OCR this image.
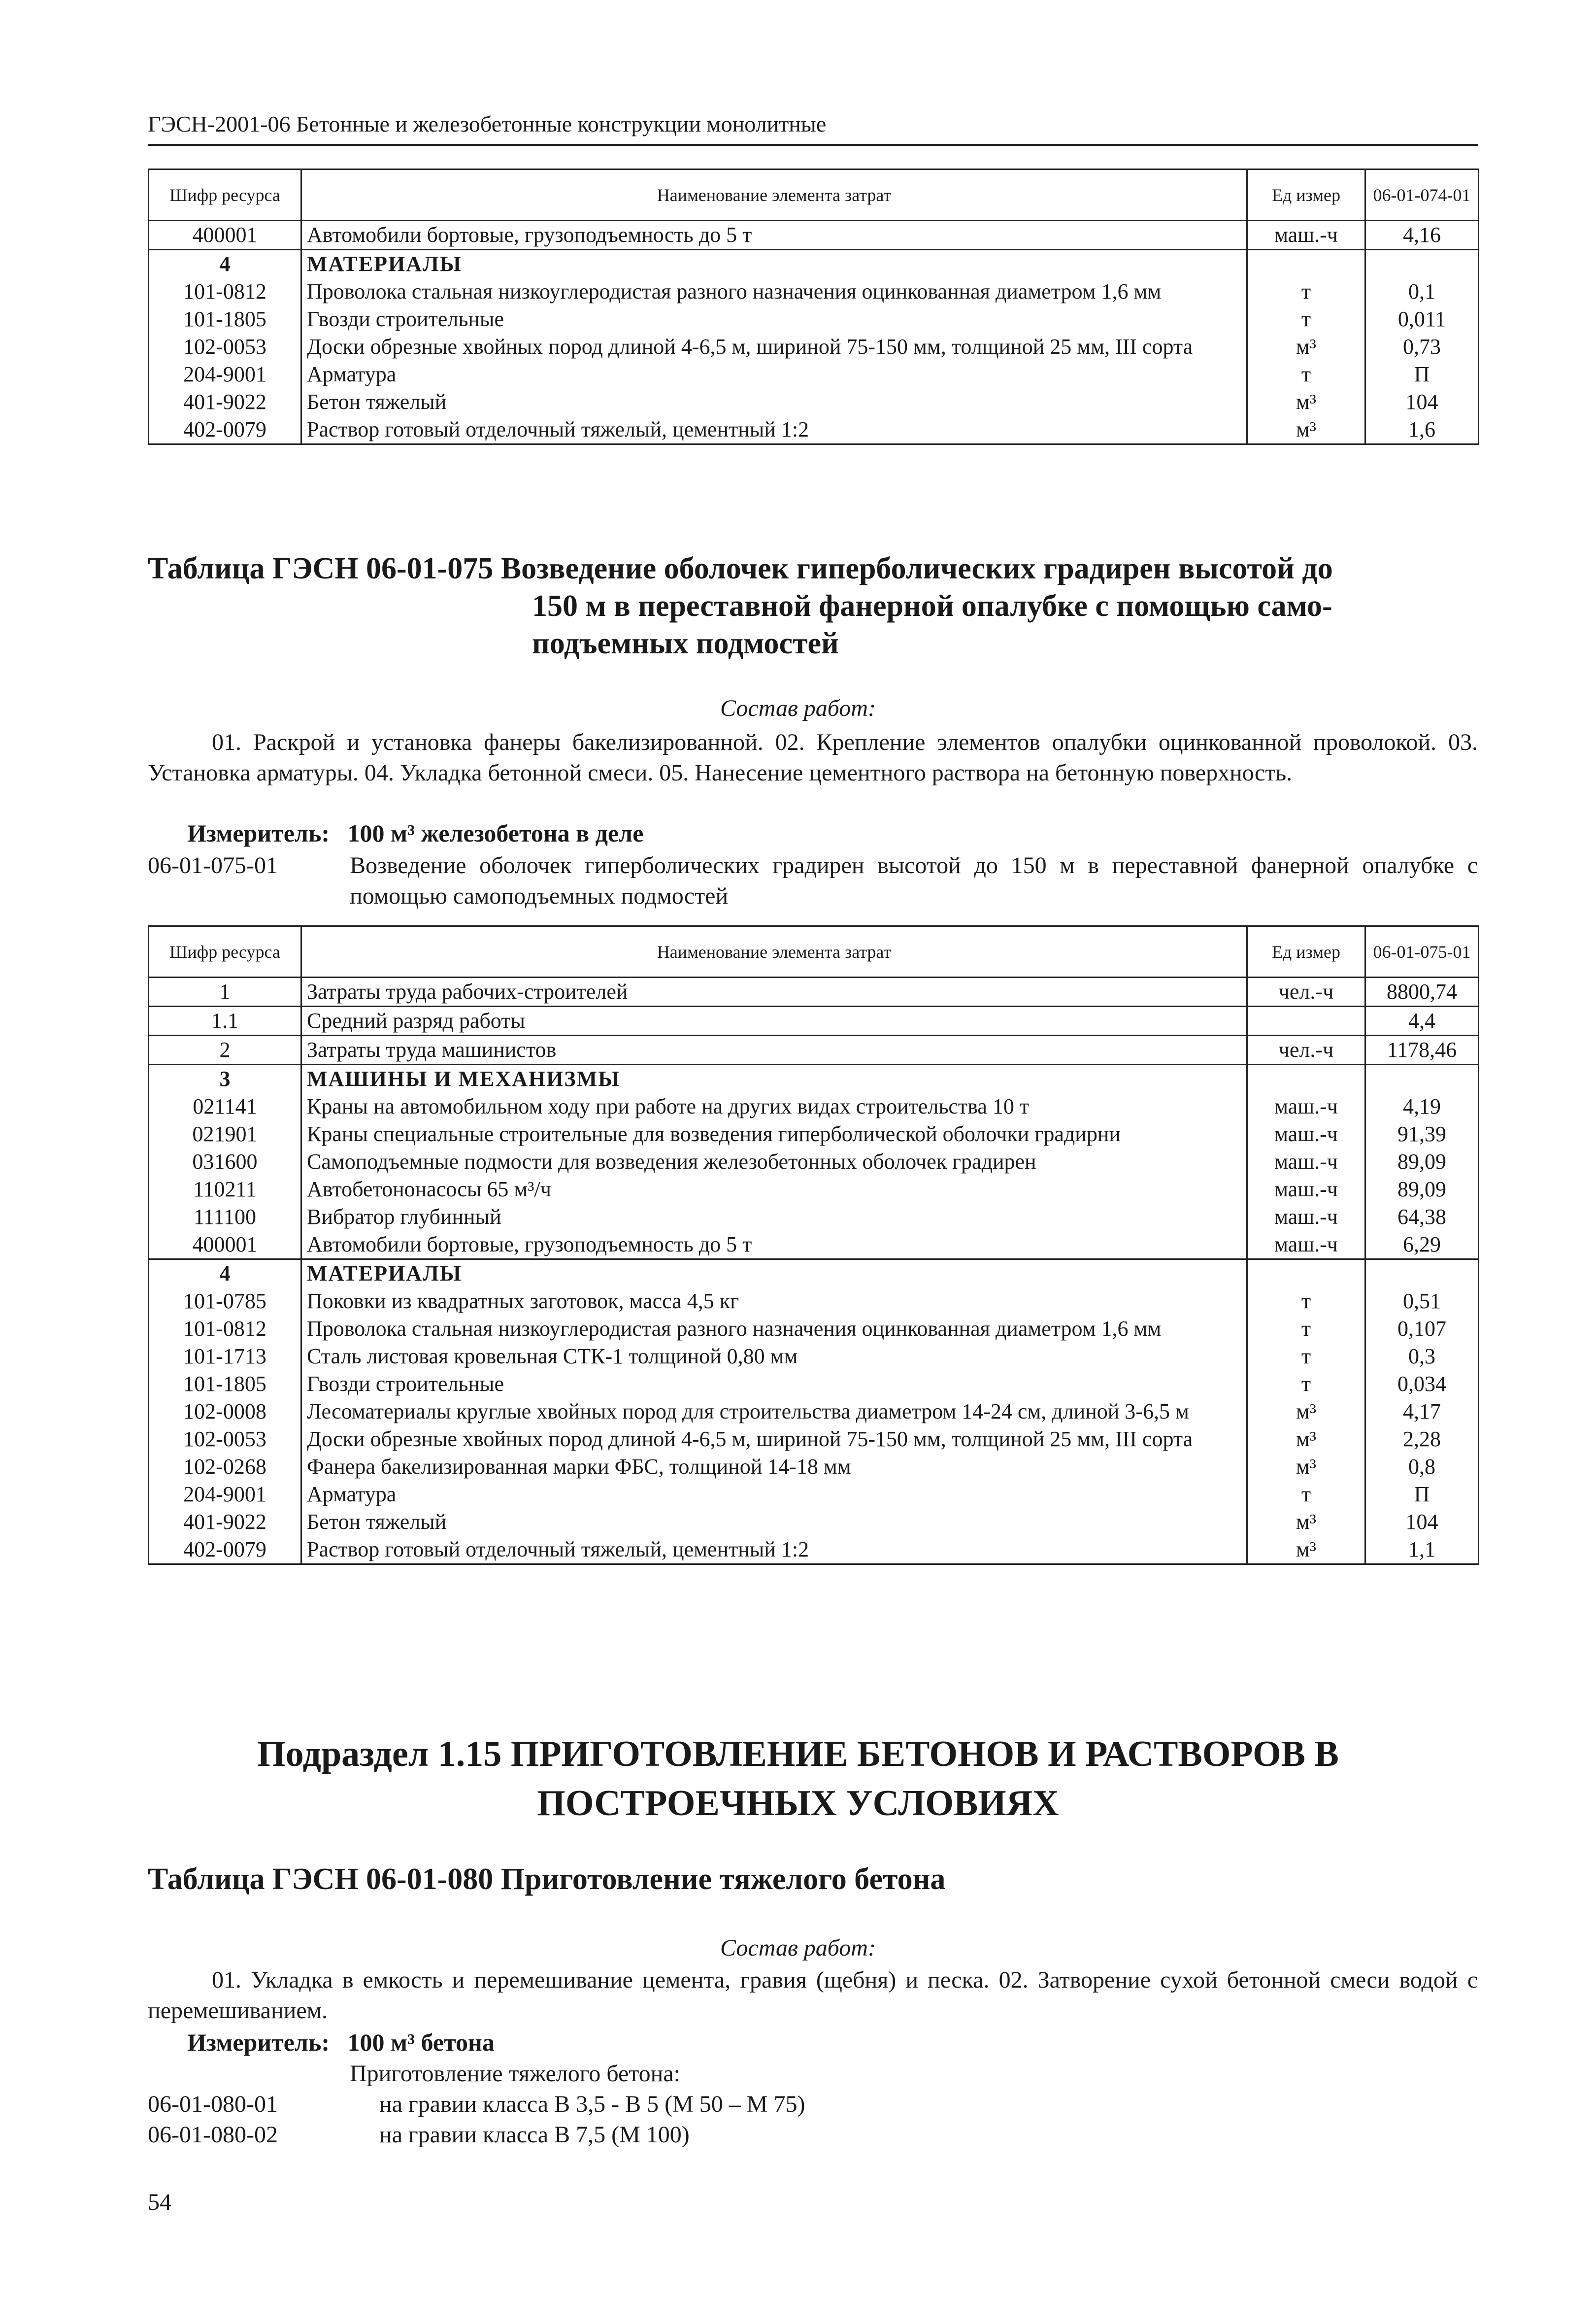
ГЭСН-2001-06 Бетонные и железобетонные конструкции монолитные
Шифр ресурса	Наименование элемента затрат	Ед измер	06-01-074-01
400001	Автомобили бортовые, грузоподъемность до 5 т	маш.-ч	4,16
4	МАТЕРИАЛЫ		
101-0812	Проволока стальная низкоуглеродистая разного назначения оцинкованная диаметром 1,6 мм	т	0,1
101-1805	Гвозди строительные	т	0,011
102-0053	Доски обрезные хвойных пород длиной 4-6,5 м, шириной 75-150 мм, толщиной 25 мм, III сорта	м³	0,73
204-9001	Арматура	т	П
401-9022	Бетон тяжелый	м³	104
402-0079	Раствор готовый отделочный тяжелый, цементный 1:2	м³	1,6
Таблица ГЭСН 06-01-075 Возведение оболочек гиперболических градирен высотой до
150 м в переставной фанерной опалубке с помощью само-
подъемных подмостей
Состав работ:
01. Раскрой и установка фанеры бакелизированной. 02. Крепление элементов опалубки оцинкованной проволокой. 03. Установка арматуры. 04. Укладка бетонной смеси. 05. Нанесение цементного раствора на бетонную поверхность.
Измеритель: 100 м³ железобетона в деле
06-01-075-01	Возведение оболочек гиперболических градирен высотой до 150 м в переставной фанерной опалубке с помощью самоподъемных подмостей
Шифр ресурса	Наименование элемента затрат	Ед измер	06-01-075-01
1	Затраты труда рабочих-строителей	чел.-ч	8800,74
1.1	Средний разряд работы		4,4
2	Затраты труда машинистов	чел.-ч	1178,46
3	МАШИНЫ И МЕХАНИЗМЫ		
021141	Краны на автомобильном ходу при работе на других видах строительства 10 т	маш.-ч	4,19
021901	Краны специальные строительные для возведения гиперболической оболочки градирни	маш.-ч	91,39
031600	Самоподъемные подмости для возведения железобетонных оболочек градирен	маш.-ч	89,09
110211	Автобетононасосы 65 м³/ч	маш.-ч	89,09
111100	Вибратор глубинный	маш.-ч	64,38
400001	Автомобили бортовые, грузоподъемность до 5 т	маш.-ч	6,29
4	МАТЕРИАЛЫ		
101-0785	Поковки из квадратных заготовок, масса 4,5 кг	т	0,51
101-0812	Проволока стальная низкоуглеродистая разного назначения оцинкованная диаметром 1,6 мм	т	0,107
101-1713	Сталь листовая кровельная СТК-1 толщиной 0,80 мм	т	0,3
101-1805	Гвозди строительные	т	0,034
102-0008	Лесоматериалы круглые хвойных пород для строительства диаметром 14-24 см, длиной 3-6,5 м	м³	4,17
102-0053	Доски обрезные хвойных пород длиной 4-6,5 м, шириной 75-150 мм, толщиной 25 мм, III сорта	м³	2,28
102-0268	Фанера бакелизированная марки ФБС, толщиной 14-18 мм	м³	0,8
204-9001	Арматура	т	П
401-9022	Бетон тяжелый	м³	104
402-0079	Раствор готовый отделочный тяжелый, цементный 1:2	м³	1,1
Подраздел 1.15 ПРИГОТОВЛЕНИЕ БЕТОНОВ И РАСТВОРОВ В
ПОСТРОЕЧНЫХ УСЛОВИЯХ
Таблица ГЭСН 06-01-080 Приготовление тяжелого бетона
Состав работ:
01. Укладка в емкость и перемешивание цемента, гравия (щебня) и песка. 02. Затворение сухой бетонной смеси водой с перемешиванием.
Измеритель: 100 м³ бетона
Приготовление тяжелого бетона:
06-01-080-01	на гравии класса В 3,5 - В 5 (М 50 – М 75)
06-01-080-02	на гравии класса В 7,5 (М 100)
54
